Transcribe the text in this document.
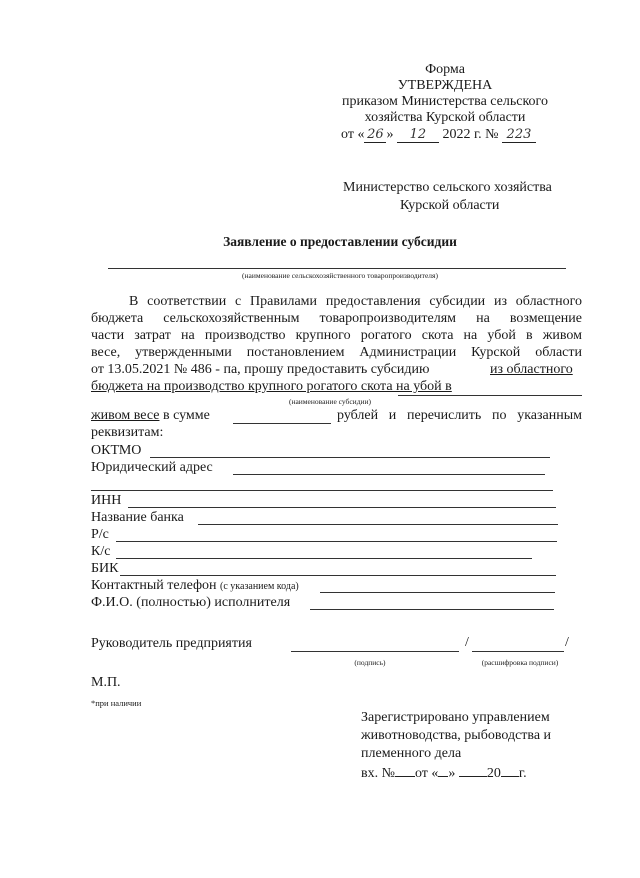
Форма
УТВЕРЖДЕНА
приказом Министерства сельского
хозяйства Курской области
от « 26 » 12 2022 г. № 223
Министерство сельского хозяйства
Курской области
Заявление о предоставлении субсидии
(наименование сельскохозяйственного товаропроизводителя)
В соответствии с Правилами предоставления субсидии из областного
бюджета сельскохозяйственным товаропроизводителям на возмещение
части затрат на производство крупного рогатого скота на убой в живом
весе, утвержденными постановлением Администрации Курской области
от 13.05.2021 № 486 - па, прошу предоставить субсидию	из областного
бюджета на производство крупного рогатого скота на убой в
(наименование субсидии)
живом весе в сумме	рублей и перечислить по указанным
реквизитам:
ОКТМО
Юридический адрес
ИНН
Название банка
Р/с
К/с
БИК
Контактный телефон (с указанием кода)
Ф.И.О. (полностью) исполнителя
Руководитель предприятия	/	/
(подпись)	(расшифровка подписи)
М.П.
*при наличии
Зарегистрировано управлением
животноводства, рыбоводства и
племенного дела
вх. № от « » 20 г.
